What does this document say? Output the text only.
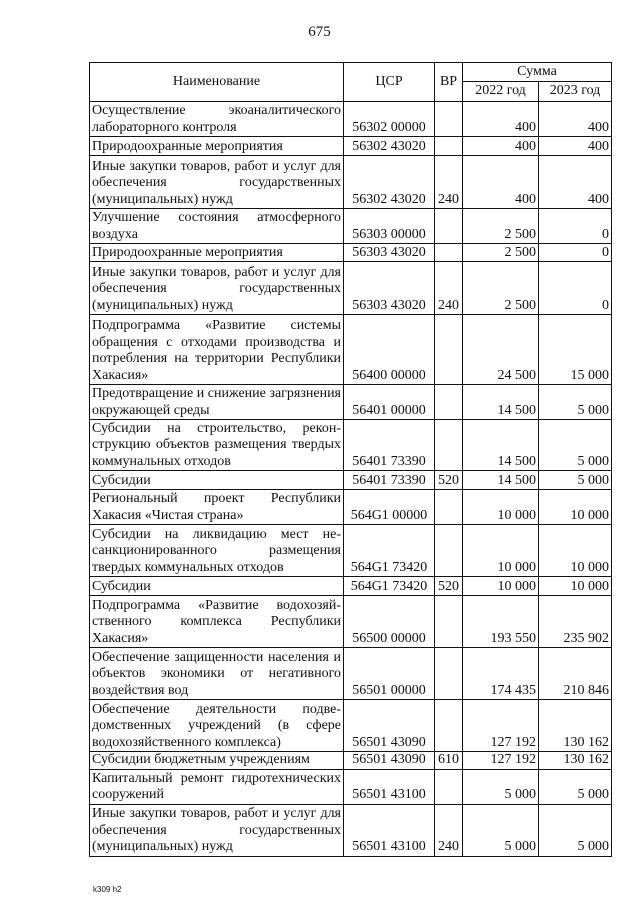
675
Наименование	ЦСР	ВР	Сумма	
			2022 год	2023 год
Осуществление экоаналитического лабораторного контроля	56302 00000		400	400
Природоохранные мероприятия	56302 43020		400	400
Иные закупки товаров, работ и услуг для обеспечения государственных (муниципальных) нужд	56302 43020	240	400	400
Улучшение состояния атмосферного воздуха	56303 00000		2 500	0
Природоохранные мероприятия	56303 43020		2 500	0
Иные закупки товаров, работ и услуг для обеспечения государственных (муниципальных) нужд	56303 43020	240	2 500	0
Подпрограмма «Развитие системы обращения с отходами производства и потребления на территории Республики Хакасия»	56400 00000		24 500	15 000
Предотвращение и снижение загрязнения окружающей среды	56401 00000		14 500	5 000
Субсидии на строительство, реконструкцию объектов размещения твердых коммунальных отходов	56401 73390		14 500	5 000
Субсидии	56401 73390	520	14 500	5 000
Региональный проект Республики Хакасия «Чистая страна»	564G1 00000		10 000	10 000
Субсидии на ликвидацию мест несанкционированного размещения твердых коммунальных отходов	564G1 73420		10 000	10 000
Субсидии	564G1 73420	520	10 000	10 000
Подпрограмма «Развитие водохозяйственного комплекса Республики Хакасия»	56500 00000		193 550	235 902
Обеспечение защищенности населения и объектов экономики от негативного воздействия вод	56501 00000		174 435	210 846
Обеспечение деятельности подведомственных учреждений (в сфере водохозяйственного комплекса)	56501 43090		127 192	130 162
Субсидии бюджетным учреждениям	56501 43090	610	127 192	130 162
Капитальный ремонт гидротехнических сооружений	56501 43100		5 000	5 000
Иные закупки товаров, работ и услуг для обеспечения государственных (муниципальных) нужд	56501 43100	240	5 000	5 000
k309 h2
